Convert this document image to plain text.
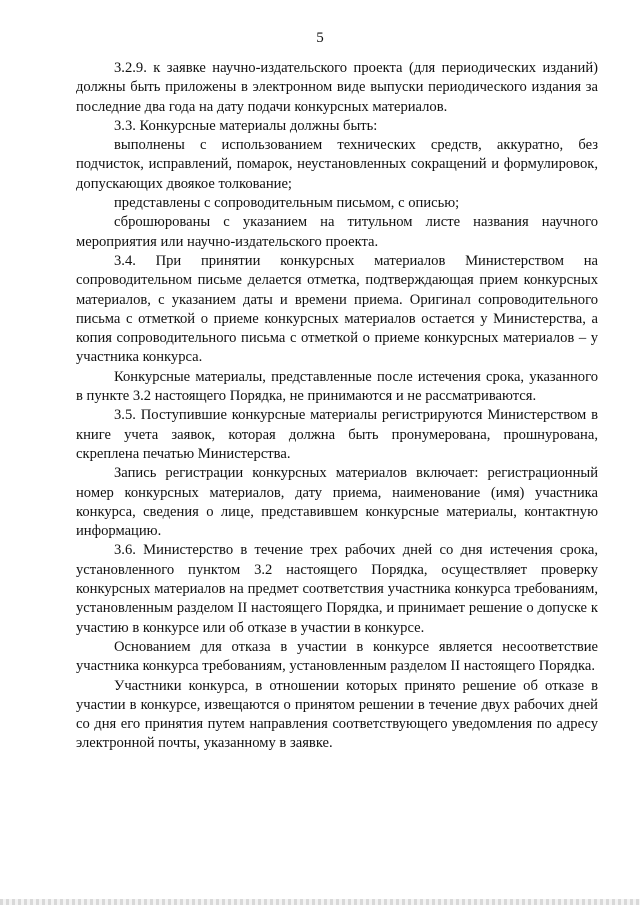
5

3.2.9. к заявке научно-издательского проекта (для периодических изданий) должны быть приложены в электронном виде выпуски периодического издания за последние два года на дату подачи конкурсных материалов.

3.3. Конкурсные материалы должны быть:

выполнены с использованием технических средств, аккуратно, без подчисток, исправлений, помарок, неустановленных сокращений и формулировок, допускающих двоякое толкование;

представлены с сопроводительным письмом, с описью;

сброшюрованы с указанием на титульном листе названия научного мероприятия или научно-издательского проекта.

3.4. При принятии конкурсных материалов Министерством на сопроводительном письме делается отметка, подтверждающая прием конкурсных материалов, с указанием даты и времени приема. Оригинал сопроводительного письма с отметкой о приеме конкурсных материалов остается у Министерства, а копия сопроводительного письма с отметкой о приеме конкурсных материалов – у участника конкурса.

Конкурсные материалы, представленные после истечения срока, указанного в пункте 3.2 настоящего Порядка, не принимаются и не рассматриваются.

3.5. Поступившие конкурсные материалы регистрируются Министерством в книге учета заявок, которая должна быть пронумерована, прошнурована, скреплена печатью Министерства.

Запись регистрации конкурсных материалов включает: регистрационный номер конкурсных материалов, дату приема, наименование (имя) участника конкурса, сведения о лице, представившем конкурсные материалы, контактную информацию.

3.6. Министерство в течение трех рабочих дней со дня истечения срока, установленного пунктом 3.2 настоящего Порядка, осуществляет проверку конкурсных материалов на предмет соответствия участника конкурса требованиям, установленным разделом II настоящего Порядка, и принимает решение о допуске к участию в конкурсе или об отказе в участии в конкурсе.

Основанием для отказа в участии в конкурсе является несоответствие участника конкурса требованиям, установленным разделом II настоящего Порядка.

Участники конкурса, в отношении которых принято решение об отказе в участии в конкурсе, извещаются о принятом решении в течение двух рабочих дней со дня его принятия путем направления соответствующего уведомления по адресу электронной почты, указанному в заявке.
